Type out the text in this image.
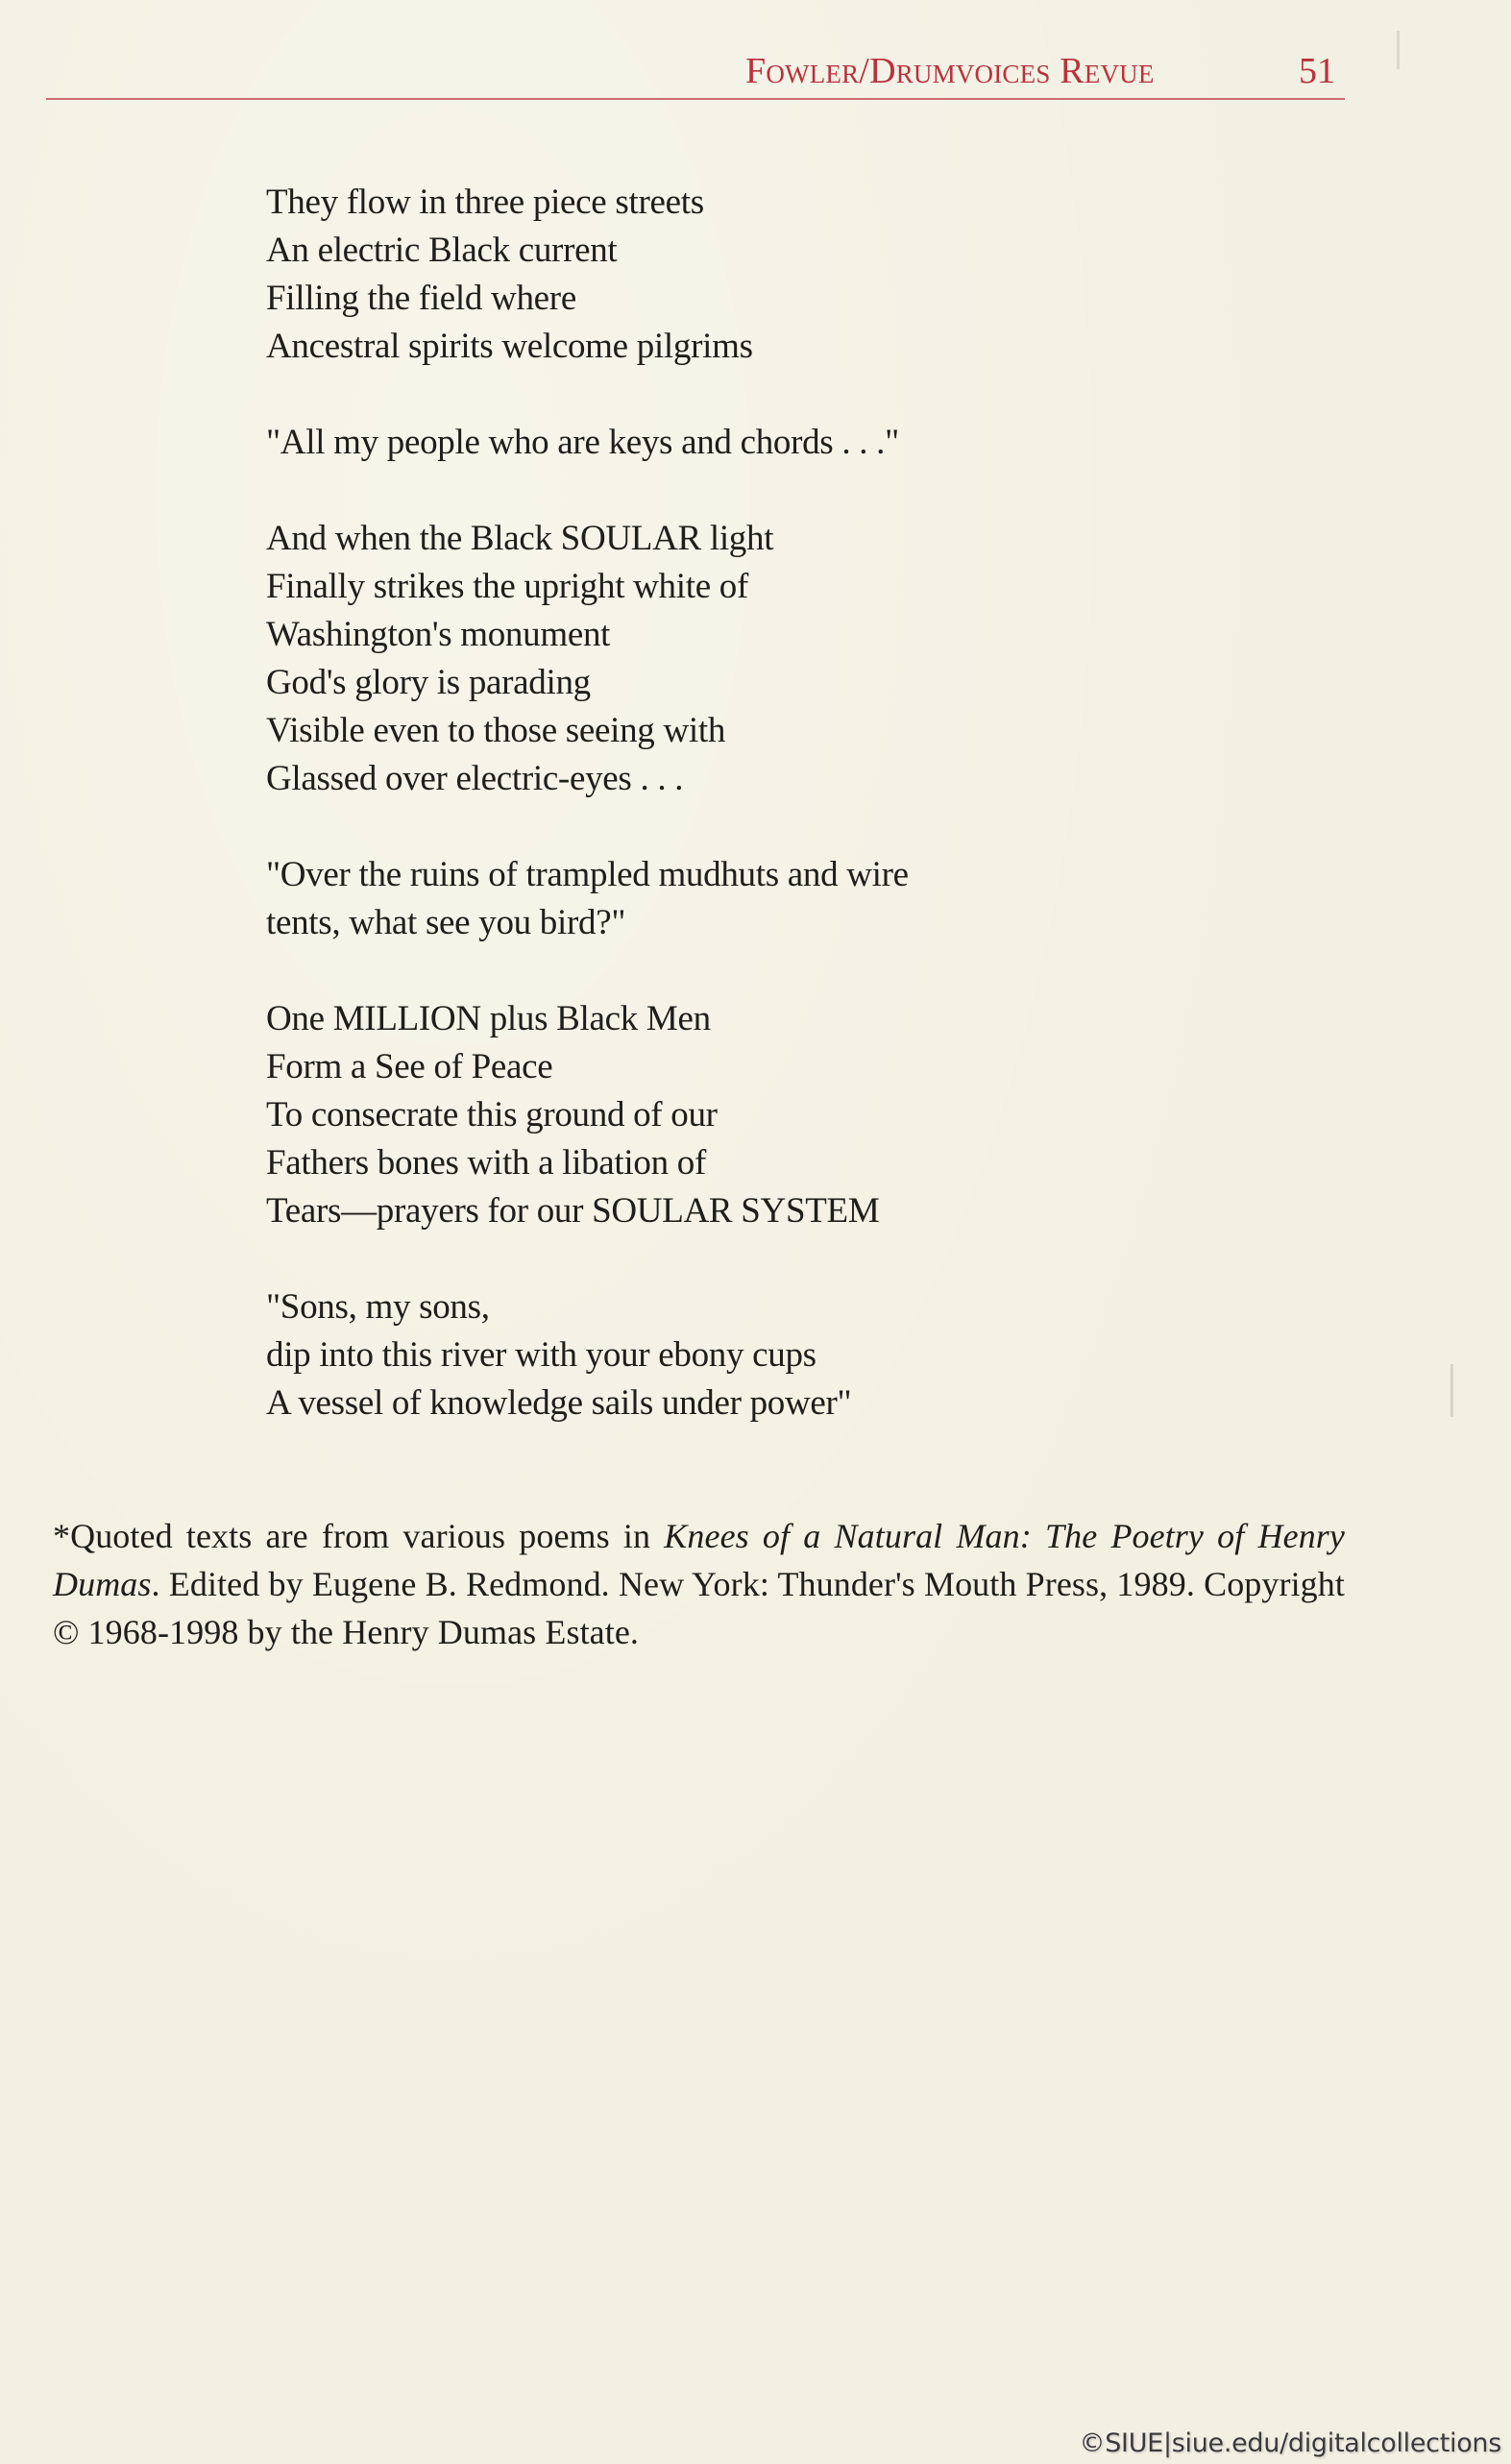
Fowler/Drumvoices Revue	51
They flow in three piece streets
An electric Black current
Filling the field where
Ancestral spirits welcome pilgrims
"All my people who are keys and chords . . ."
And when the Black SOULAR light
Finally strikes the upright white of
Washington's monument
God's glory is parading
Visible even to those seeing with
Glassed over electric-eyes . . .
"Over the ruins of trampled mudhuts and wire
tents, what see you bird?"
One MILLION plus Black Men
Form a See of Peace
To consecrate this ground of our
Fathers bones with a libation of
Tears—prayers for our SOULAR SYSTEM
"Sons, my sons,
dip into this river with your ebony cups
A vessel of knowledge sails under power"

*Quoted texts are from various poems in Knees of a Natural Man: The Poetry of Henry Dumas. Edited by Eugene B. Redmond. New York: Thunder's Mouth Press, 1989. Copyright © 1968-1998 by the Henry Dumas Estate.

©SIUE|siue.edu/digitalcollections
